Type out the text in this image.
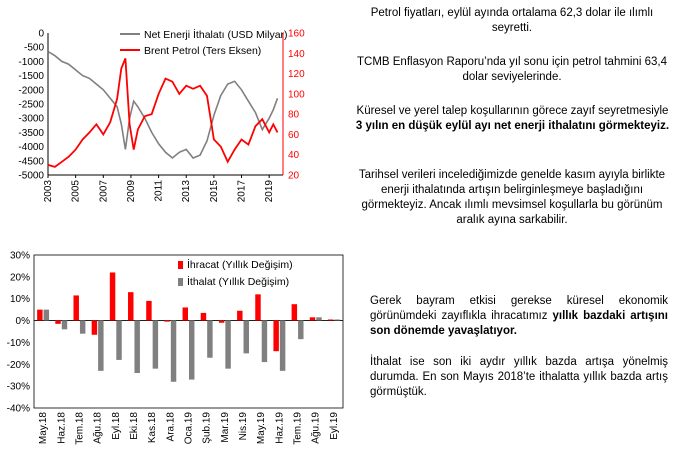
0
-500
-1000
-1500
-2000
-2500
-3000
-3500
-4000
-4500
-5000
160
140
120
100
80
60
40
20
2003 2005 2007 2009 2011 2013 2015 2017 2019
Net Enerji İthalatı (USD Milyar)
Brent Petrol (Ters Eksen)
30%
20%
10%
0%
-10%
-20%
-30%
-40%
May.18 Haz.18 Tem.18 Ağu.18 Eyl.18 Eki.18 Kas.18 Ara.18 Oca.19 Şub.19 Mar.19 Nis.19 May.19 Haz.19 Tem.19 Ağu.19 Eyl.19
İhracat (Yıllık Değişim)
İthalat (Yıllık Değişim)

Petrol fiyatları, eylül ayında ortalama 62,3 dolar ile ılımlı seyretti.

TCMB Enflasyon Raporu’nda yıl sonu için petrol tahmini 63,4 dolar seviyelerinde.

Küresel ve yerel talep koşullarının görece zayıf seyretmesiyle 3 yılın en düşük eylül ayı net enerji ithalatını görmekteyiz.

Tarihsel verileri incelediğimizde genelde kasım ayıyla birlikte enerji ithalatında artışın belirginleşmeye başladığını görmekteyiz. Ancak ılımlı mevsimsel koşullarla bu görünüm aralık ayına sarkabilir.

Gerek bayram etkisi gerekse küresel ekonomik görünümdeki zayıflıkla ihracatımız yıllık bazdaki artışını son dönemde yavaşlatıyor.

İthalat ise son iki aydır yıllık bazda artışa yönelmiş durumda. En son Mayıs 2018’te ithalatta yıllık bazda artış görmüştük.
